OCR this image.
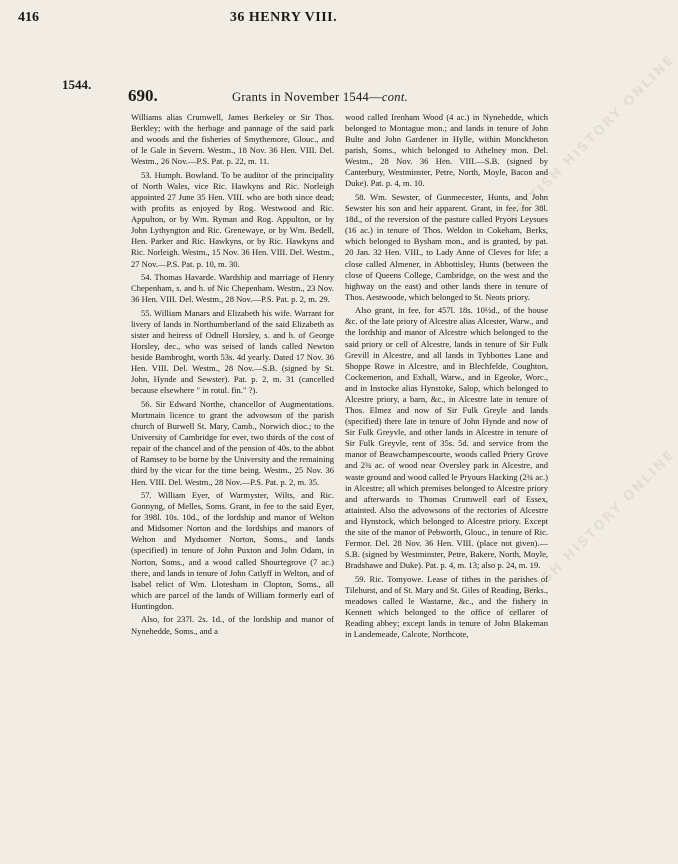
416	36 HENRY VIII.
1544.
690.	Grants in November 1544—cont.	BRITISH HISTORY ONLINE
BRITISH HISTORY ONLINE

Williams alias Crumwell, James Berkeley or Sir Thos. Berkley; with the herbage and pannage of the said park and woods and the fisheries of Smythemore, Glouc., and of le Gale in Severn. Westm., 18 Nov. 36 Hen. VIII. Del. Westm., 26 Nov.—P.S. Pat. p. 22, m. 11.

53. Humph. Bowland. To be auditor of the principality of North Wales, vice Ric. Hawkyns and Ric. Norleigh appointed 27 June 35 Hen. VIII. who are both since dead; with profits as enjoyed by Rog. Westwood and Ric. Appulton, or by Wm. Ryman and Rog. Appulton, or by John Lythyngton and Ric. Grenewaye, or by Wm. Bedell, Hen. Parker and Ric. Hawkyns, or by Ric. Hawkyns and Ric. Norleigh. Westm., 15 Nov. 36 Hen. VIII. Del. Westm., 27 Nov.—P.S. Pat. p. 10, m. 30.

54. Thomas Havarde. Wardship and marriage of Henry Chepenham, s. and h. of Nic Chepenham. Westm., 23 Nov. 36 Hen. VIII. Del. Westm., 28 Nov.—P.S. Pat. p. 2, m. 29.

55. William Manars and Elizabeth his wife. Warrant for livery of lands in Northumberland of the said Elizabeth as sister and heiress of Odnell Horsley, s. and h. of George Horsley, dec., who was seised of lands called Newton beside Bambroght, worth 53s. 4d yearly. Dated 17 Nov. 36 Hen. VIII. Del. Westm., 28 Nov.—S.B. (signed by St. John, Hynde and Sewster). Pat. p. 2, m. 31 (cancelled because elsewhere " in rotul. fin." ?).

56. Sir Edward Northe, chancellor of Augmentations. Mortmain licence to grant the advowson of the parish church of Burwell St. Mary, Camb., Norwich dioc.; to the University of Cambridge for ever, two thirds of the cost of repair of the chancel and of the pension of 40s. to the abbot of Ramsey to be borne by the University and the remaining third by the vicar for the time being. Westm., 25 Nov. 36 Hen. VIII. Del. Westm., 28 Nov.—P.S. Pat. p. 2, m. 35.

57. William Eyer, of Warmyster, Wilts, and Ric. Gonnyng, of Melles, Soms. Grant, in fee to the said Eyer, for 398l. 10s. 10d., of the lordship and manor of Welton and Midsomer Norton and the lordships and manors of Welton and Mydsomer Norton, Soms., and lands (specified) in tenure of John Puxton and John Odam, in Norton, Soms., and a wood called Shourtegrove (7 ac.) there, and lands in tenure of John Catlyff in Welton, and of Isabel relict of Wm. Llotesham in Clopton, Soms., all which are parcel of the lands of William formerly earl of Huntingdon.

Also, for 237l. 2s. 1d., of the lordship and manor of Nynehedde, Soms., and a

wood called Irenham Wood (4 ac.) in Nynehedde, which belonged to Montague mon.; and lands in tenure of John Bulte and John Gardener in Hylle, within Monckheton parish, Soms., which belonged to Athelney mon. Del. Westm., 28 Nov. 36 Hen. VIII.—S.B. (signed by Canterbury, Westminster, Petre, North, Moyle, Bacon and Duke). Pat. p. 4, m. 10.

58. Wm. Sewster, of Gunmecester, Hunts, and John Sewster his son and heir apparent. Grant, in fee, for 38l. 18d., of the reversion of the pasture called Pryors Leysues (16 ac.) in tenure of Thos. Weldon in Cokeham, Berks, which belonged to Bysham mon., and is granted, by pat. 20 Jan. 32 Hen. VIII., to Lady Anne of Cleves for life; a close called Almener, in Abbottisley, Hunts (between the close of Queens College, Cambridge, on the west and the highway on the east) and other lands there in tenure of Thos. Aestwoode, which belonged to St. Neots priory.

Also grant, in fee, for 457l. 18s. 10½d., of the house &c. of the late priory of Alcestre alias Alcester, Warw., and the lordship and manor of Alcestre which belonged to the said priory or cell of Alcestre, lands in tenure of Sir Fulk Grevill in Alcestre, and all lands in Tybbottes Lane and Shoppe Rowe in Alcestre, and in Blechfelde, Coughton, Cockemerton, and Exhall, Warw., and in Egeoke, Worc., and in Instocke alias Hynstoke, Salop, which belonged to Alcestre priory, a barn, &c., in Alcestre late in tenure of Thos. Elmez and now of Sir Fulk Greyle and lands (specified) there late in tenure of John Hynde and now of Sir Fulk Greyvle, and other lands in Alcestre in tenure of Sir Fulk Greyvle, rent of 35s. 5d. and service from the manor of Beawchampescourte, woods called Priery Grove and 2¾ ac. of wood near Oversley park in Alcestre, and waste ground and wood called le Pryours Hacking (2¾ ac.) in Alcestre; all which premises belonged to Alcestre priory and afterwards to Thomas Crumwell earl of Essex, attainted. Also the advowsons of the rectories of Alcestre and Hynstock, which belonged to Alcestre priory. Except the site of the manor of Pebworth, Glouc., in tenure of Ric. Fermor. Del. 28 Nov. 36 Hen. VIII. (place not given).—S.B. (signed by Westminster, Petre, Bakere, North, Moyle, Bradshawe and Duke). Pat. p. 4, m. 13; also p. 24, m. 19.

59. Ric. Tomyowe. Lease of tithes in the parishes of Tilehurst, and of St. Mary and St. Giles of Reading, Berks., meadows called le Wastarne, &c., and the fishery in Kennett which belonged to the office of cellarer of Reading abbey; except lands in tenure of John Blakeman in Landemeade, Calcote, Northcote,
